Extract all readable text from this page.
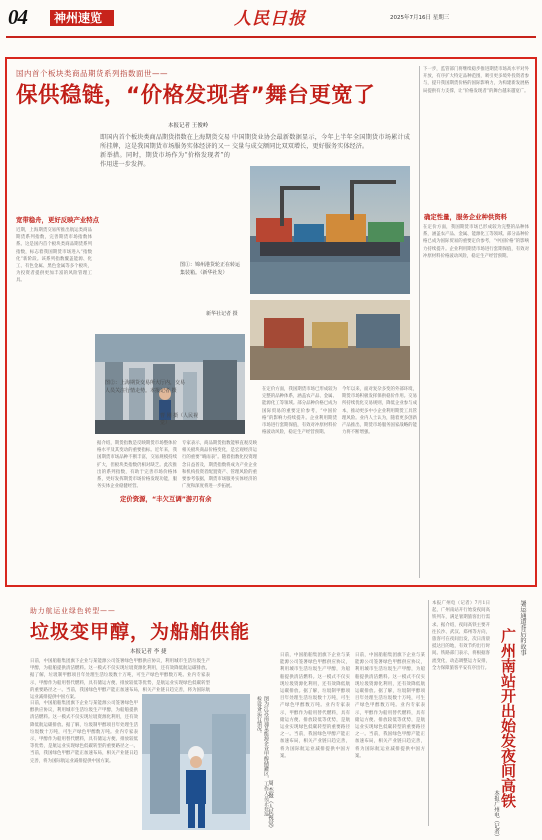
04 神州速览	人民日报	2025年7月16日 星期三
国内首个板块类商品期货系列指数面世——
保供稳链，“价格发现者”舞台更宽了
本报记者 王俊岭
即国内首个板块类商品期货指数在上海期货交易所挂牌，这是我国期货市场服务实体经济的又一新举措。同时，期货市场作为“价格发现者”的作用进一步发挥。
中国期货业协会最新数据显示，今年上半年全国期货市场累计成交量与成交额同比双双增长，更好服务实体经济。
图①：锦州港货轮正在转运集装箱。（新华社发）
新华社记者 摄
图②：上海期货交易所大厅内，交易人员关注行情走势。本报记者 摄
曹 刚 摄（人民视觉）
宽带稳舟，更好反映产业特点
定价资源，“丰欠互调”游刃有余
确定性量，服务企业种供资料
近期，上海期货交易所推出航运类商品期货系列指数，完善期货市场指数体系。这是国内首个板块类商品期货系列指数，标志着我国期货市场进入“指数化”新阶段。该系列指数覆盖能源、化工、有色金属、黑色金属等多个板块，为投资者提供更加丰富的风险管理工具。
据介绍，期货指数是反映期货市场整体价格水平及其变动的重要指标。近年来，我国期货市场品种不断丰富，交易规模持续扩大，但板块类指数仍相对缺乏。此次推出的系列指数，有助于完善市场价格体系，更好发挥期货市场价格发现功能，服务实体企业稳健经营。
专家表示，商品期货指数能够直观反映相关板块商品价格变化，是宏观经济运行的重要“晴雨表”。随着指数化投资理念日益普及，期货指数将成为产业企业和机构投资者配置资产、管理风险的重要参考依据，期货市场服务实体经济的广度和深度将进一步拓展。
在定价方面，我国期货市场已形成较为完整的品种体系，涵盖农产品、金属、能源化工等领域。部分品种价格已成为国际贸易的重要定价参考，“中国价格”的影响力持续提升。企业利用期货市场进行套期保值，有效对冲原材料价格波动风险，稳定生产经营预期。
今年以来，面对复杂多变的外部环境，期货市场积极发挥保供稳价作用。交易所持续优化交易规则，降低企业参与成本，推动更多中小企业利用期货工具管理风险。业内人士认为，随着更多创新产品推出，期货市场服务国家战略的能力将不断增强。
下一步，监管部门将继续稳步推进期货市场高水平对外开放，有序扩大特定品种范围，吸引更多境外投资者参与，提升我国期货价格的国际影响力，为构建新发展格局提供有力支撑，让“价格发现者”的舞台越来越宽广。
在定价方面，我国期货市场已形成较为完整的品种体系，涵盖农产品、金属、能源化工等领域。部分品种价格已成为国际贸易的重要定价参考，“中国价格”的影响力持续提升。企业利用期货市场进行套期保值，有效对冲原材料价格波动风险，稳定生产经营预期。
助力航运业绿色转型——
垃圾变甲醇，为船舶供能
本报记者 李 捷
日前，中国船舶集团旗下企业与某能源公司签署绿色甲醇供应协议，利用城市生活垃圾生产甲醇，为船舶提供清洁燃料。这一模式不仅实现垃圾资源化利用，还有效降低航运碳排放。据了解，垃圾制甲醇项目年处理生活垃圾数十万吨，可生产绿色甲醇数万吨。业内专家表示，甲醇作为船用替代燃料，具有储运方便、排放较低等优势，是航运业实现绿色低碳转型的重要路径之一。当前，我国绿色甲醇产能正加速布局，相关产业链日趋完善，将为国际航运业减排提供中国方案。	图为江苏南通某能源企业甲醇储罐区，工作人员正在巡检设备运行情况。
周 杰摄（人民视觉）
日前，中国船舶集团旗下企业与某能源公司签署绿色甲醇供应协议，利用城市生活垃圾生产甲醇，为船舶提供清洁燃料。这一模式不仅实现垃圾资源化利用，还有效降低航运碳排放。据了解，垃圾制甲醇项目年处理生活垃圾数十万吨，可生产绿色甲醇数万吨。业内专家表示，甲醇作为船用替代燃料，具有储运方便、排放较低等优势，是航运业实现绿色低碳转型的重要路径之一。当前，我国绿色甲醇产能正加速布局，相关产业链日趋完善，将为国际航运业减排提供中国方案。
日前，中国船舶集团旗下企业与某能源公司签署绿色甲醇供应协议，利用城市生活垃圾生产甲醇，为船舶提供清洁燃料。这一模式不仅实现垃圾资源化利用，还有效降低航运碳排放。据了解，垃圾制甲醇项目年处理生活垃圾数十万吨，可生产绿色甲醇数万吨。业内专家表示，甲醇作为船用替代燃料，具有储运方便、排放较低等优势，是航运业实现绿色低碳转型的重要路径之一。当前，我国绿色甲醇产能正加速布局，相关产业链日趋完善，将为国际航运业减排提供中国方案。
日前，中国船舶集团旗下企业与某能源公司签署绿色甲醇供应协议，利用城市生活垃圾生产甲醇，为船舶提供清洁燃料。这一模式不仅实现垃圾资源化利用，还有效降低航运碳排放。据了解，垃圾制甲醇项目年处理生活垃圾数十万吨，可生产绿色甲醇数万吨。业内专家表示，甲醇作为船用替代燃料，具有储运方便、排放较低等优势，是航运业实现绿色低碳转型的重要路径之一。当前，我国绿色甲醇产能正加速布局，相关产业链日趋完善，将为国际航运业减排提供中国方案。
本报广州电（记者）7月1日起，广州南站开行始发夜间高铁列车，满足暑期旅客出行需求。据介绍，夜间高铁主要开往长沙、武汉、郑州等方向，旅客可在夜间出发，次日清晨抵达目的地，有效节约出行时间。铁路部门表示，将根据客流变化，动态调整运力安排，全力保障旅客平安有序出行。
暑运通道背后的故事
广州南站开出始发夜间高铁
本报广州电（记者）
